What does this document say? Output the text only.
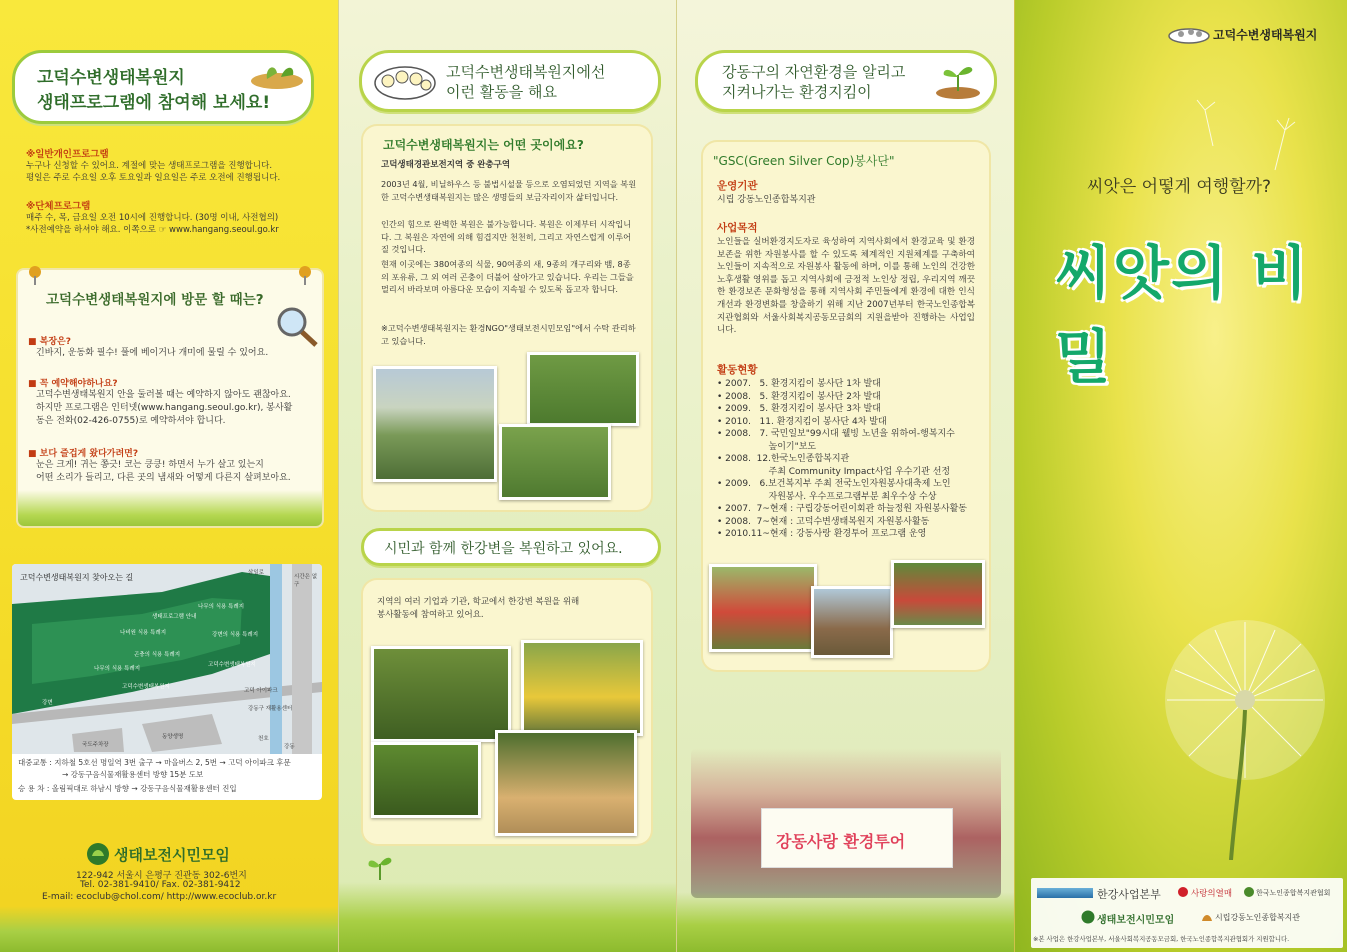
고덕수변생태복원지
생태프로그램에 참여해 보세요!
※일반개인프로그램
누구나 신청할 수 있어요. 계절에 맞는 생태프로그램을 진행합니다.
평일은 주로 수요일 오후 토요일과 일요일은 주로 오전에 진행됩니다.
※단체프로그램
매주 수, 목, 금요일 오전 10시에 진행합니다. (30명 이내, 사전협의)
*사전예약을 하셔야 해요. 이쪽으로 ☞ www.hangang.seoul.go.kr
고덕수변생태복원지에 방문 할 때는?
■ 복장은?
긴바지, 운동화 필수! 풀에 베이거나 개미에 물릴 수 있어요.
■ 꼭 예약해야하나요?
고덕수변생태복원지 안을 둘러볼 때는 예약하지 않아도 괜찮아요.
하지만 프로그램은 인터넷(www.hangang.seoul.go.kr), 봉사활
동은 전화(02-426-0755)로 예약하셔야 합니다.
■ 보다 즐겁게 왔다가려면?
눈은 크게! 귀는 쫑긋! 코는 킁킁! 하면서 누가 살고 있는지
어떤 소리가 들리고, 다른 곳의 냄새와 어떻게 다른지 살펴보아요.
고덕수변생태복원지 찾아오는 길
나무의 식용 특례지
나비원 식용 특례지	강변의 식용 특례지
고덕수변생태복원지
곤충의 식용 특례지
나무의 식용 특례지
고덕 아이파크
동양생명
강변
삼일로
고덕수변생태복원지
강동구 재활용센터
국도주차장
시간은 없구
천호
강동
생태프로그램 안내
대중교통 : 지하철 5호선 명일역 3번 출구 → 마을버스 2, 5번 → 고덕 아이파크 후문
→ 강동구음식물재활용센터 방향 15분 도보
승 용 차 : 올림픽대로 하남시 방향 → 강동구음식물재활용센터 진입
생태보전시민모임
122-942 서울시 은평구 진관동 302-6번지
Tel. 02-381-9410/ Fax. 02-381-9412
E-mail: ecoclub@chol.com/ http://www.ecoclub.or.kr
고덕수변생태복원지에선
이런 활동을 해요
고덕수변생태복원지는 어떤 곳이에요?
고덕생태경관보전지역 중 완충구역
2003년 4월, 비닐하우스 등 불법시설물 등으로 오염되었던 지역을 복원한 고덕수변생태복원지는 많은 생명들의 보금자리이자 삶터입니다.
인간의 힘으로 완벽한 복원은 불가능합니다. 복원은 이제부터 시작입니다. 그 복원은 자연에 의해 힘겹지만 천천히, 그리고 자연스럽게 이루어질 것입니다.
현재 이곳에는 380여종의 식물, 90여종의 새, 9종의 개구리와 뱀, 8종의 포유류, 그 외 여러 곤충이 더불어 살아가고 있습니다. 우리는 그들을 멀리서 바라보며 아름다운 모습이 지속될 수 있도록 돕고자 합니다.
※고덕수변생태복원지는 환경NGO"생태보전시민모임"에서 수탁 관리하고 있습니다.
시민과 함께 한강변을 복원하고 있어요.
지역의 여러 기업과 기관, 학교에서 한강변 복원을 위해
봉사활동에 참여하고 있어요.
강동구의 자연환경을 알리고
지켜나가는 환경지킴이
"GSC(Green Silver Cop)봉사단"
운영기관
시립 강동노인종합복지관
사업목적
노인들을 실버환경지도자로 육성하여 지역사회에서 환경교육 및 환경보존을 위한 자원봉사를 할 수 있도록 체계적인 지원체계를 구축하여 노인들이 지속적으로 자원봉사 활동에 하며, 이를 통해 노인의 건강한 노후생활 영위를 돕고 지역사회에 긍정적 노인상 정립, 우리지역 깨끗한 환경보존 문화형성을 통해 지역사회 주민들에게 환경에 대한 인식개선과 환경변화를 창출하기 위해 지난 2007년부터 한국노인종합복지관협회와 서울사회복지공동모금회의 지원을받아 진행하는 사업입니다.
활동현황
• 2007.   5. 환경지킴이 봉사단 1차 발대
• 2008.   5. 환경지킴이 봉사단 2차 발대
• 2009.   5. 환경지킴이 봉사단 3차 발대
• 2010.   11. 환경지킴이 봉사단 4차 발대
• 2008.   7. 국민일보"99시대 웰빙 노년을 위하여-행복지수
높이기"보도
• 2008.  12.한국노인종합복지관
주최 Community Impact사업 우수기관 선정
• 2009.   6.보건복지부 주최 전국노인자원봉사대축제 노인
자원봉사. 우수프로그램부분 최우수상 수상
• 2007.  7~현재 : 구립강동어린이회관 하늘정원 자원봉사활동
• 2008.  7~현재 : 고덕수변생태복원지 자원봉사활동
• 2010.11~현재 : 강동사랑 환경투어 프로그램 운영
강동사랑 환경투어
고덕수변생태복원지
씨앗은 어떻게 여행할까?
씨앗의 비밀
한강사업본부	사랑의열매	한국노인종합복지관협회
생태보전시민모임	시립강동노인종합복지관
※본 사업은 한강사업본부, 서울사회복지공동모금회, 한국노인종합복지관협회가 지원합니다.
